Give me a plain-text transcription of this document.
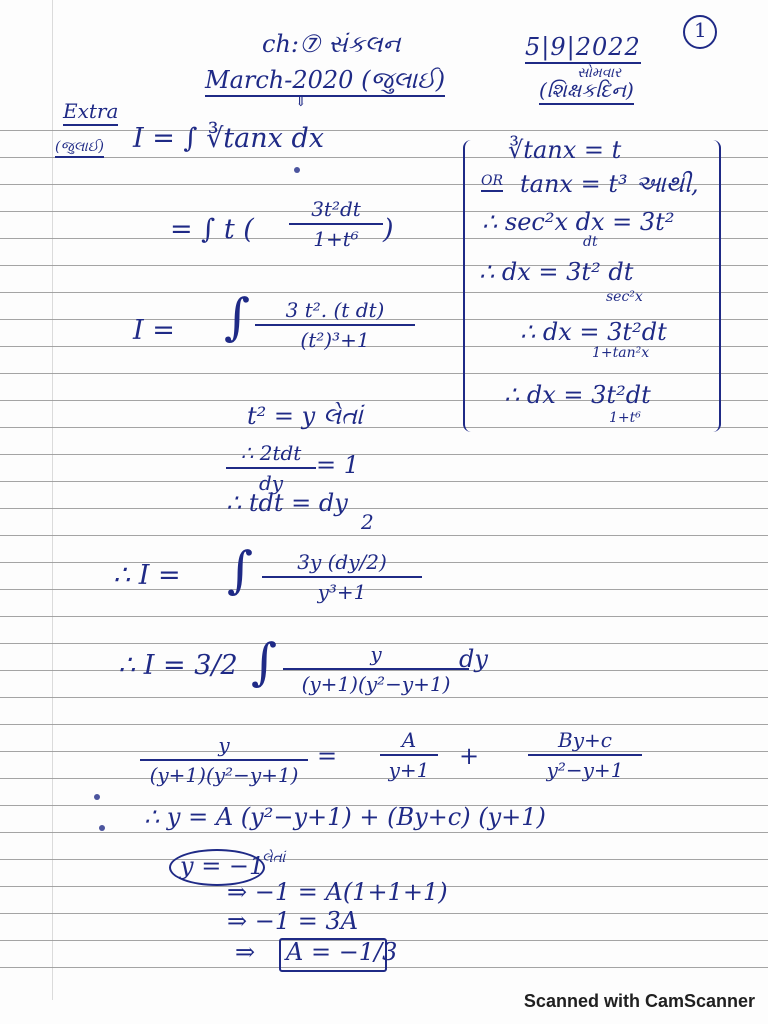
1
ch:⑦ સંકલન
March-2020 (જુલાઈ)
⇓
5|9|2022
સોમવાર
(શિક્ષકદિન)
Extra
(જુલાઈ) I = ∫ ∛tanx dx
= ∫ t ( $\frac{\text{3t²dt}}{\text{1+t⁶}}$ )
I = ∫ $\frac{\text{3 t². (t dt)}}{\text{(t²)³+1}}$
t² = y લેતાં
∴ 2tdt
dy
= 1
∴ tdt = dy
2
∴ I = ∫ $\frac{3y (dy/2)}{\text{y³+1}}$
∴ I = 3/2 ∫ $\frac{y}{\text{(y+1)(y²−y+1)}}$
dy
$\frac{y}{\text{(y+1)(y²−y+1)}} = \frac{A}{y+1} + \frac{By+c}{\text{y²−y+1}}$
∴ y = A (y²−y+1) + (By+c) (y+1)
y = −1
લેતાં
⇒ −1 = A(1+1+1)
⇒ −1 = 3A
⇒ A = −1/3
∛tanx = t
OR tanx = t³ આથી,
∴ sec²x dx = 3t²
dt
∴ dx = 3t² dt
sec²x
∴ dx = 3t²dt
1+tan²x
∴ dx = 3t²dt
1+t⁶
Scanned with CamScanner
